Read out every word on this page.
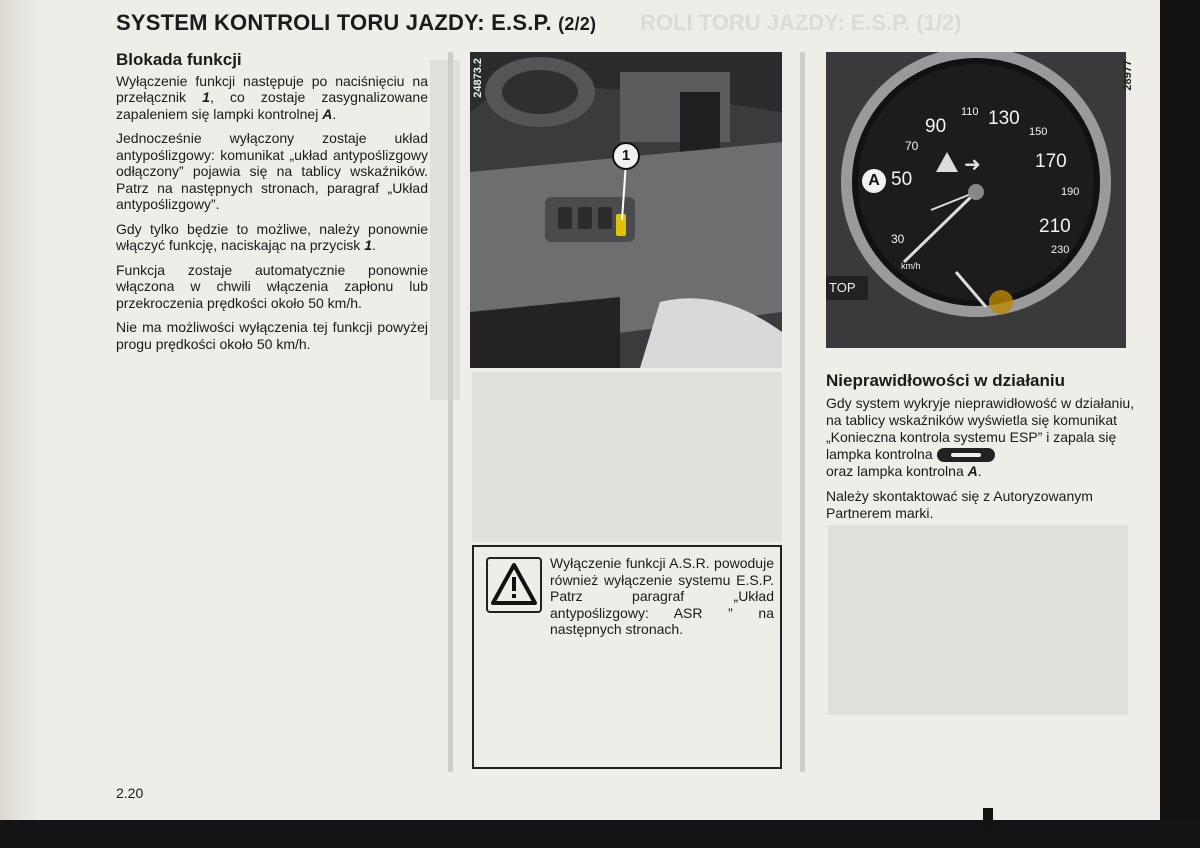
ROLI TORU JAZDY: E.S.P. (1/2)
SYSTEM KONTROLI TORU JAZDY: E.S.P. (2/2)
Blokada funkcji

Wyłączenie funkcji następuje po naciśnięciu na przełącznik 1, co zostaje zasygnalizowane zapaleniem się lampki kontrolnej A.

Jednocześnie wyłączony zostaje układ antypoślizgowy: komunikat „układ antypoślizgowy odłączony” pojawia się na tablicy wskaźników. Patrz na następnych stronach, paragraf „Układ antypoślizgowy”.

Gdy tylko będzie to możliwe, należy ponownie włączyć funkcję, naciskając na przycisk 1.

Funkcja zostaje automatycznie ponownie włączona w chwili włączenia zapłonu lub przekroczenia prędkości około 50 km/h.

Nie ma możliwości wyłączenia tej funkcji powyżej progu prędkości około 50 km/h.

1
24873.2
30
50
70
90
110 130
150
170
190
210
230
km/h
A
TOP
➜
28977
Wyłączenie funkcji A.S.R. powoduje również wyłączenie systemu E.S.P. Patrz paragraf „Układ antypoślizgowy: ASR ” na następnych stronach.
Nieprawidłowości w działaniu

Gdy system wykryje nieprawidłowość w działaniu, na tablicy wskaźników wyświetla się komunikat „Konieczna kontrola systemu ESP” i zapala się lampka kontrolna
oraz lampka kontrolna A.

Należy skontaktować się z Autoryzowanym Partnerem marki.

2.20
